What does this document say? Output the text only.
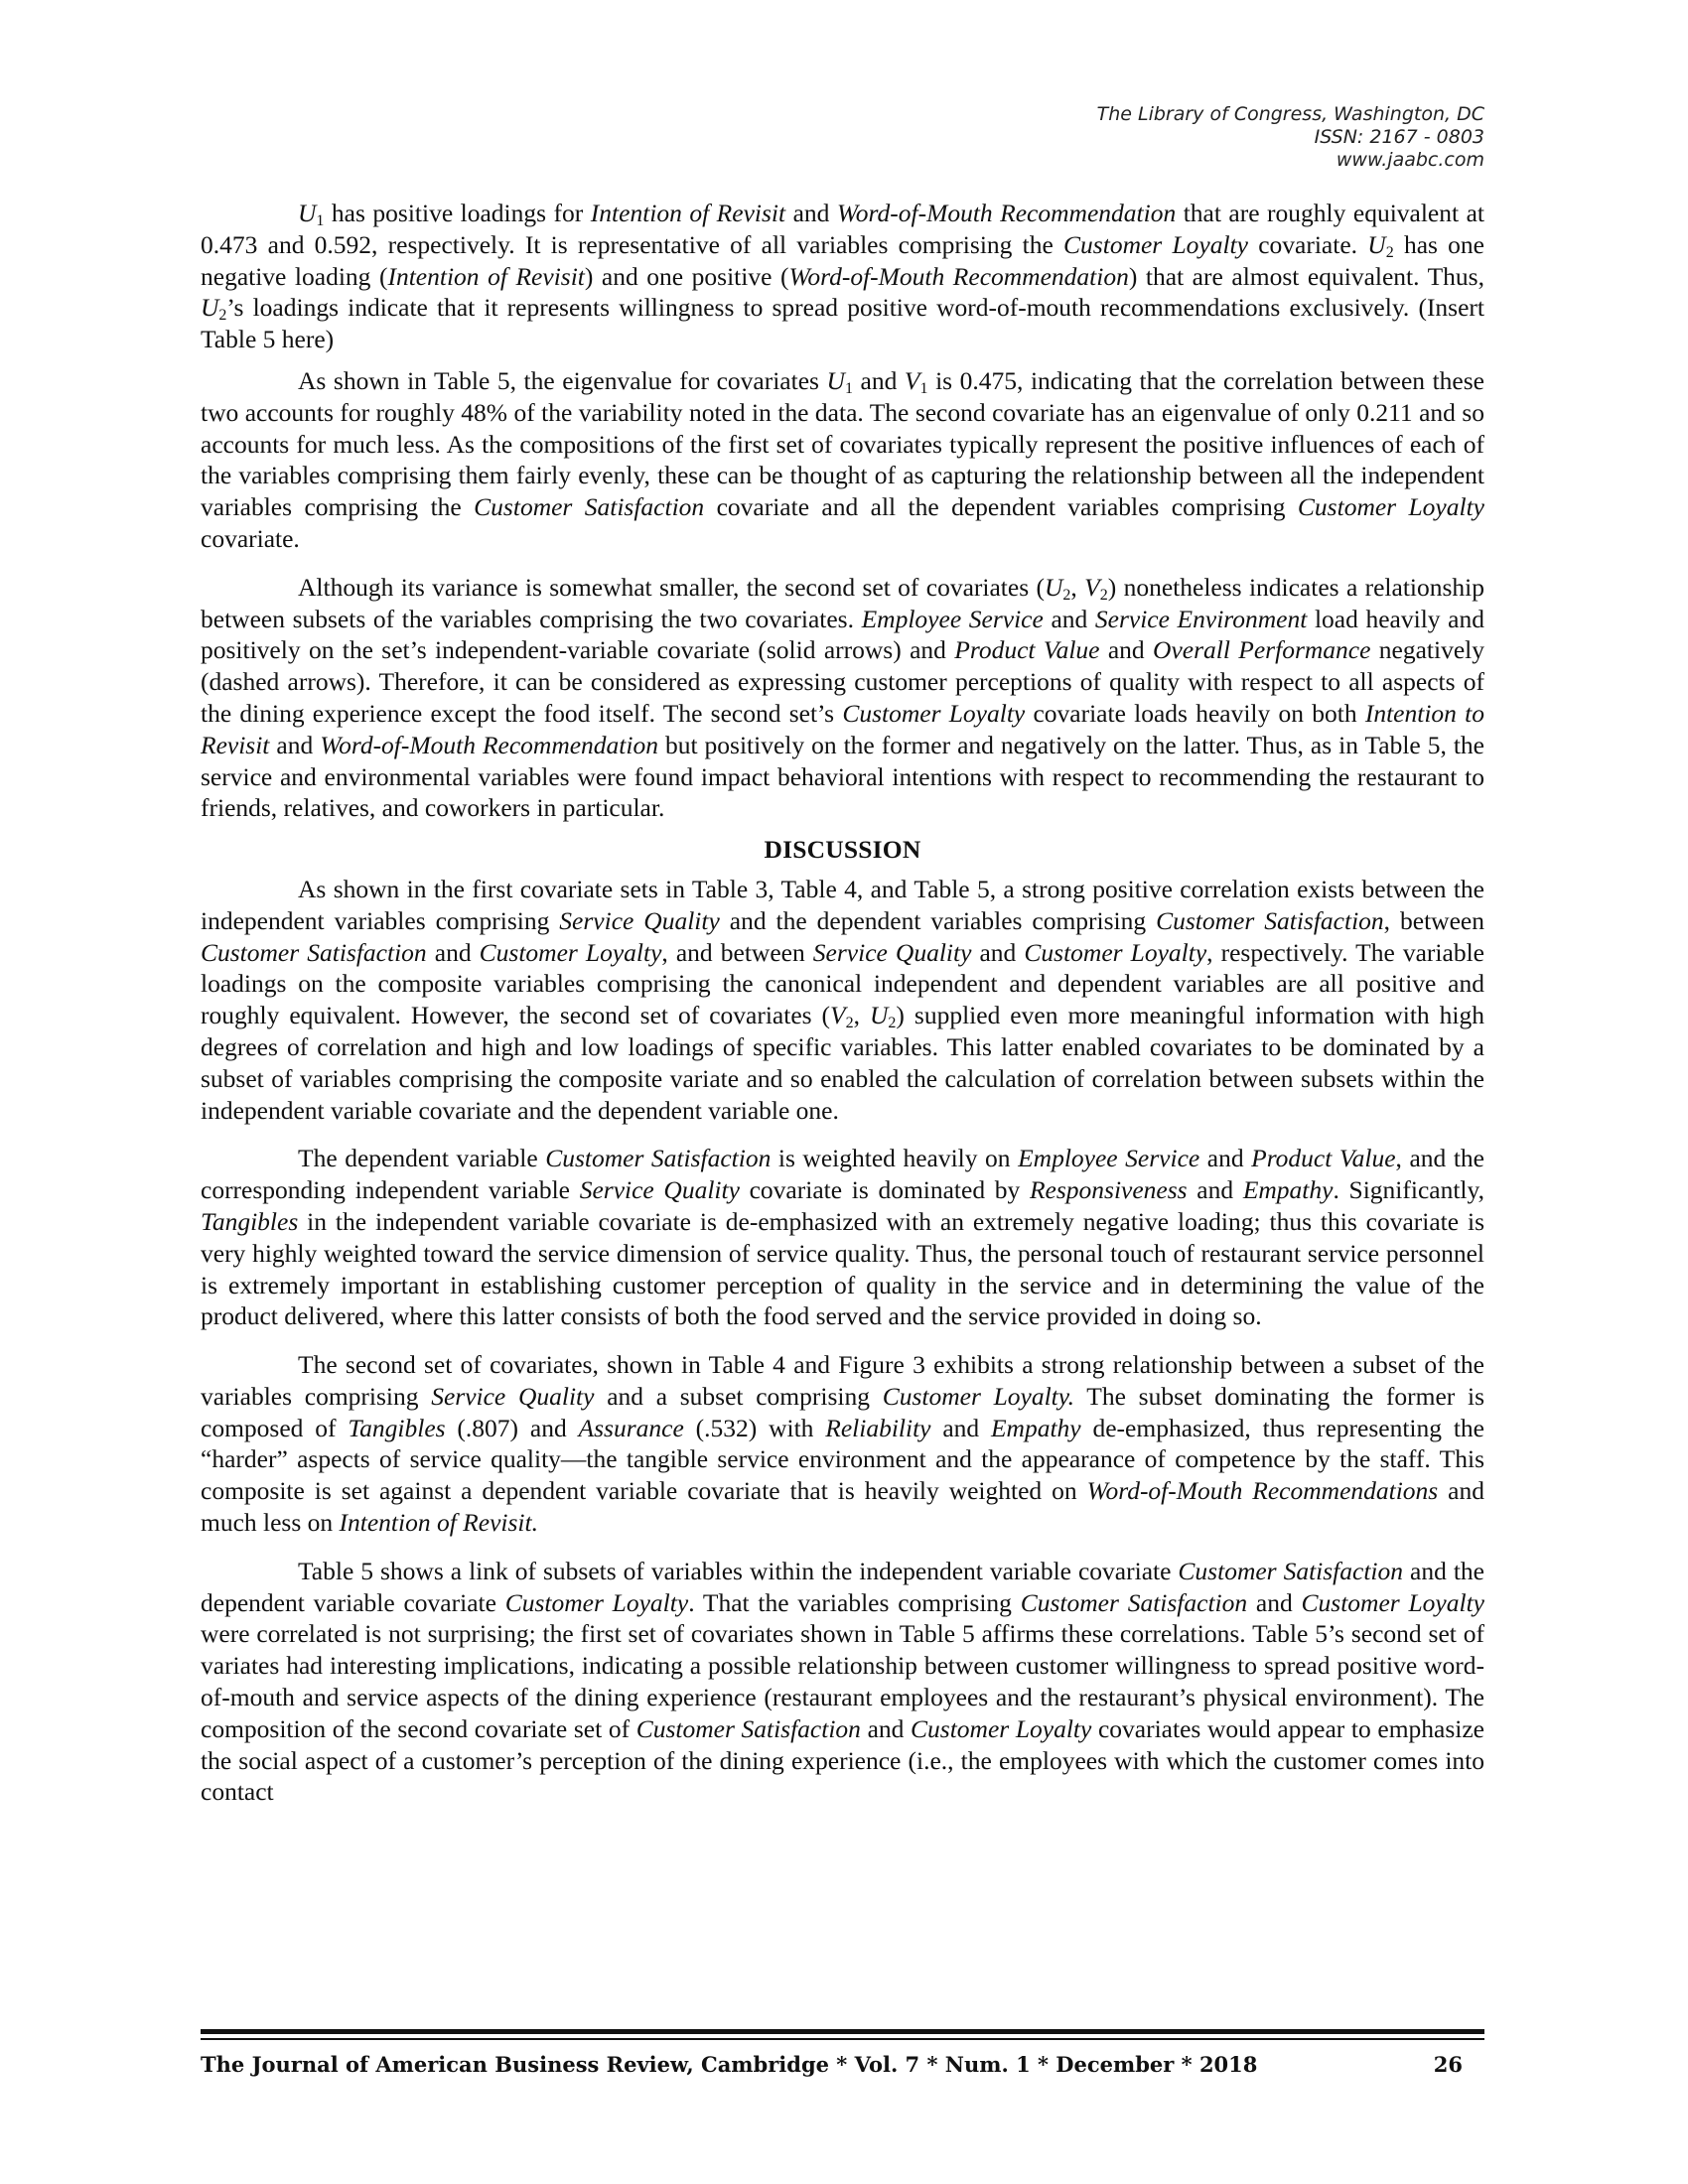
The Library of Congress, Washington, DC
ISSN: 2167 - 0803
www.jaabc.com

$U_1$ has positive loadings for Intention of Revisit and Word-of-Mouth Recommendation that are roughly equivalent at 0.473 and 0.592, respectively. It is representative of all variables comprising the Customer Loyalty covariate. $U_2$ has one negative loading (Intention of Revisit) and one positive (Word-of-Mouth Recommendation) that are almost equivalent. Thus, $U_2’s$ loadings indicate that it represents willingness to spread positive word-of-mouth recommendations exclusively. (Insert Table 5 here)

As shown in Table 5, the eigenvalue for covariates $U_1$ and $V_1$ is 0.475, indicating that the correlation between these two accounts for roughly 48% of the variability noted in the data. The second covariate has an eigenvalue of only 0.211 and so accounts for much less. As the compositions of the first set of covariates typically represent the positive influences of each of the variables comprising them fairly evenly, these can be thought of as capturing the relationship between all the independent variables comprising the Customer Satisfaction covariate and all the dependent variables comprising Customer Loyalty covariate.

Although its variance is somewhat smaller, the second set of covariates ($U_2$, $V_2$) nonetheless indicates a relationship between subsets of the variables comprising the two covariates. Employee Service and Service Environment load heavily and positively on the set’s independent-variable covariate (solid arrows) and Product Value and Overall Performance negatively (dashed arrows). Therefore, it can be considered as expressing customer perceptions of quality with respect to all aspects of the dining experience except the food itself. The second set’s Customer Loyalty covariate loads heavily on both Intention to Revisit and Word-of-Mouth Recommendation but positively on the former and negatively on the latter. Thus, as in Table 5, the service and environmental variables were found impact behavioral intentions with respect to recommending the restaurant to friends, relatives, and coworkers in particular.

DISCUSSION

As shown in the first covariate sets in Table 3, Table 4, and Table 5, a strong positive correlation exists between the independent variables comprising Service Quality and the dependent variables comprising Customer Satisfaction, between Customer Satisfaction and Customer Loyalty, and between Service Quality and Customer Loyalty, respectively. The variable loadings on the composite variables comprising the canonical independent and dependent variables are all positive and roughly equivalent. However, the second set of covariates ($V_2$, $U_2$) supplied even more meaningful information with high degrees of correlation and high and low loadings of specific variables. This latter enabled covariates to be dominated by a subset of variables comprising the composite variate and so enabled the calculation of correlation between subsets within the independent variable covariate and the dependent variable one.

The dependent variable Customer Satisfaction is weighted heavily on Employee Service and Product Value, and the corresponding independent variable Service Quality covariate is dominated by Responsiveness and Empathy. Significantly, Tangibles in the independent variable covariate is de-emphasized with an extremely negative loading; thus this covariate is very highly weighted toward the service dimension of service quality. Thus, the personal touch of restaurant service personnel is extremely important in establishing customer perception of quality in the service and in determining the value of the product delivered, where this latter consists of both the food served and the service provided in doing so.

The second set of covariates, shown in Table 4 and Figure 3 exhibits a strong relationship between a subset of the variables comprising Service Quality and a subset comprising Customer Loyalty. The subset dominating the former is composed of Tangibles (.807) and Assurance (.532) with Reliability and Empathy de-emphasized, thus representing the “harder” aspects of service quality—the tangible service environment and the appearance of competence by the staff. This composite is set against a dependent variable covariate that is heavily weighted on Word-of-Mouth Recommendations and much less on Intention of Revisit.

Table 5 shows a link of subsets of variables within the independent variable covariate Customer Satisfaction and the dependent variable covariate Customer Loyalty. That the variables comprising Customer Satisfaction and Customer Loyalty were correlated is not surprising; the first set of covariates shown in Table 5 affirms these correlations. Table 5’s second set of variates had interesting implications, indicating a possible relationship between customer willingness to spread positive word-of-mouth and service aspects of the dining experience (restaurant employees and the restaurant’s physical environment). The composition of the second covariate set of Customer Satisfaction and Customer Loyalty covariates would appear to emphasize the social aspect of a customer’s perception of the dining experience (i.e., the employees with which the customer comes into contact

The Journal of American Business Review, Cambridge * Vol. 7 * Num. 1 * December * 2018	26
